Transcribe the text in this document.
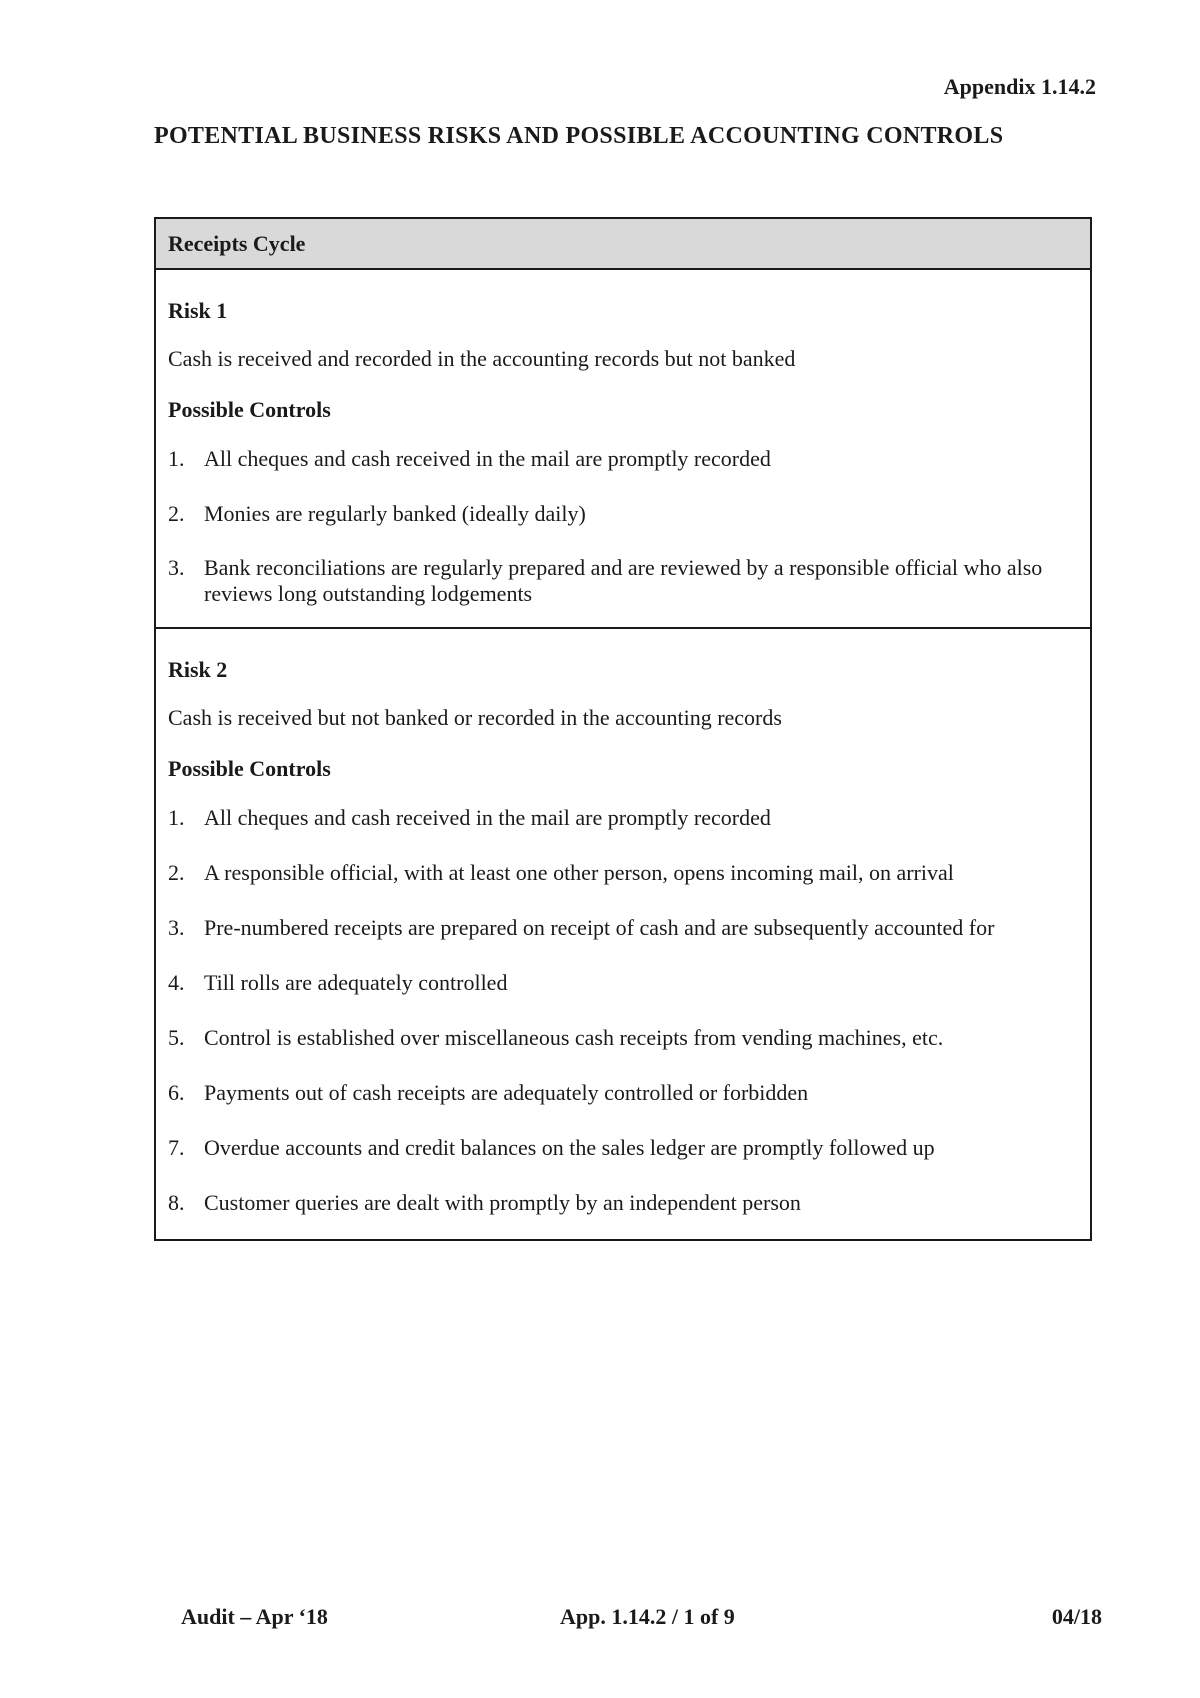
Appendix 1.14.2
POTENTIAL BUSINESS RISKS AND POSSIBLE ACCOUNTING CONTROLS
Receipts Cycle
Risk 1
Cash is received and recorded in the accounting records but not banked
Possible Controls
1. All cheques and cash received in the mail are promptly recorded
2. Monies are regularly banked (ideally daily)
3. Bank reconciliations are regularly prepared and are reviewed by a responsible official who also reviews long outstanding lodgements
Risk 2
Cash is received but not banked or recorded in the accounting records
Possible Controls
1. All cheques and cash received in the mail are promptly recorded
2. A responsible official, with at least one other person, opens incoming mail, on arrival
3. Pre-numbered receipts are prepared on receipt of cash and are subsequently accounted for
4. Till rolls are adequately controlled
5. Control is established over miscellaneous cash receipts from vending machines, etc.
6. Payments out of cash receipts are adequately controlled or forbidden
7. Overdue accounts and credit balances on the sales ledger are promptly followed up
8. Customer queries are dealt with promptly by an independent person
Audit – Apr ‘18	App. 1.14.2 / 1 of 9	04/18
